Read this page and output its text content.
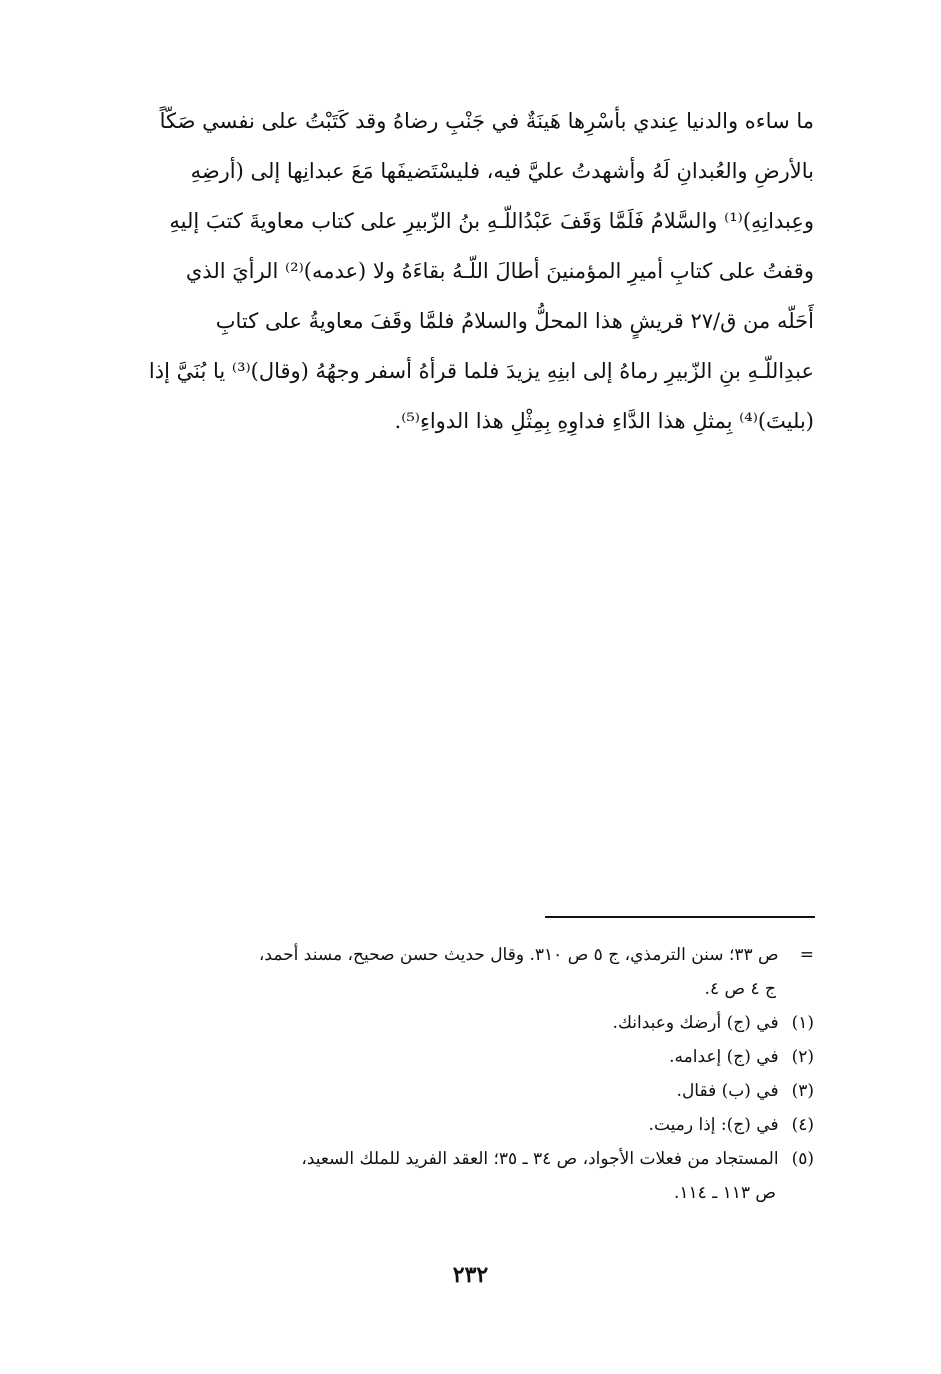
ما ساءه والدنيا عِندي بأسْرِها هَينَةٌ في جَنْبِ رضاهُ وقد كَتَبْتُ على نفسي صَكّاً
بالأرضِ والعُبدانِ لَهُ وأشهدتُ عليَّ فيه، فليسْتَضيفَها مَعَ عبدانِها إلى (أرضِهِ
وعِبدانِهِ)⁽¹⁾ والسَّلامُ فَلَمَّا وَقَفَ عَبْدُاللّـهِ بنُ الزّبيرِ على كتاب معاويةَ كتبَ إليهِ
وقفتُ على كتابِ أميرِ المؤمنينَ أطالَ اللّـهُ بقاءَهُ ولا (عدمه)⁽²⁾ الرأيَ الذي
أَحَلّه من ق/٢٧ قريشٍ هذا المحلُّ والسلامُ فلمَّا وقَفَ معاويةُ على كتابِ
عبدِاللّـهِ بنِ الزّبيرِ رماهُ إلى ابنِهِ يزيدَ فلما قرأهُ أسفر وجهُهُ (وقال)⁽³⁾ يا بُنَيَّ إذا
(بليتَ)⁽⁴⁾ بِمثلِ هذا الدَّاءِ فداوِهِ بِمِثْلِ هذا الدواءِ⁽⁵⁾.
= ص ٣٣؛ سنن الترمذي، ج ٥ ص ٣١٠. وقال حديث حسن صحيح، مسند أحمد،
ج ٤ ص ٤.
(١) في (ج) أرضك وعبدانك.
(٢) في (ج) إعدامه.
(٣) في (ب) فقال.
(٤) في (ج): إذا رميت.
(٥) المستجاد من فعلات الأجواد، ص ٣٤ ـ ٣٥؛ العقد الفريد للملك السعيد،
ص ١١٣ ـ ١١٤.
٢٣٢
